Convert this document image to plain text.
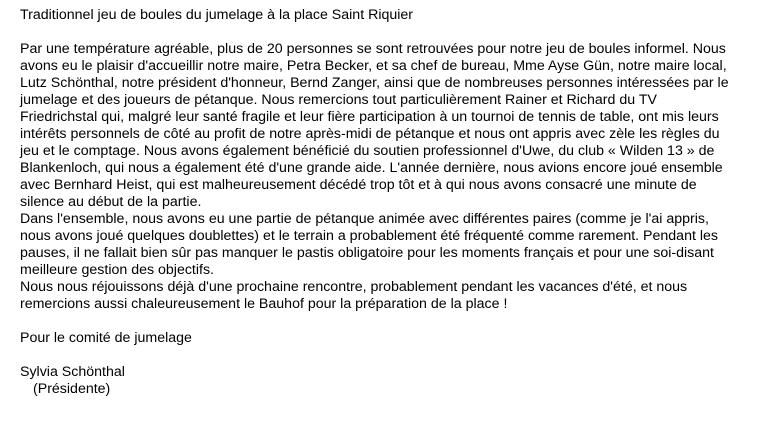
Traditionnel jeu de boules du jumelage à la place Saint Riquier
Par une température agréable, plus de 20 personnes se sont retrouvées pour notre jeu de boules informel. Nous
avons eu le plaisir d'accueillir notre maire, Petra Becker, et sa chef de bureau, Mme Ayse Gün, notre maire local,
Lutz Schönthal, notre président d'honneur, Bernd Zanger, ainsi que de nombreuses personnes intéressées par le
jumelage et des joueurs de pétanque. Nous remercions tout particulièrement Rainer et Richard du TV
Friedrichstal qui, malgré leur santé fragile et leur fière participation à un tournoi de tennis de table, ont mis leurs
intérêts personnels de côté au profit de notre après-midi de pétanque et nous ont appris avec zèle les règles du
jeu et le comptage. Nous avons également bénéficié du soutien professionnel d'Uwe, du club « Wilden 13 » de
Blankenloch, qui nous a également été d'une grande aide. L'année dernière, nous avions encore joué ensemble
avec Bernhard Heist, qui est malheureusement décédé trop tôt et à qui nous avons consacré une minute de
silence au début de la partie.
Dans l'ensemble, nous avons eu une partie de pétanque animée avec différentes paires (comme je l'ai appris,
nous avons joué quelques doublettes) et le terrain a probablement été fréquenté comme rarement. Pendant les
pauses, il ne fallait bien sûr pas manquer le pastis obligatoire pour les moments français et pour une soi-disant
meilleure gestion des objectifs.
Nous nous réjouissons déjà d'une prochaine rencontre, probablement pendant les vacances d'été, et nous
remercions aussi chaleureusement le Bauhof pour la préparation de la place !
Pour le comité de jumelage
Sylvia Schönthal
(Présidente)
